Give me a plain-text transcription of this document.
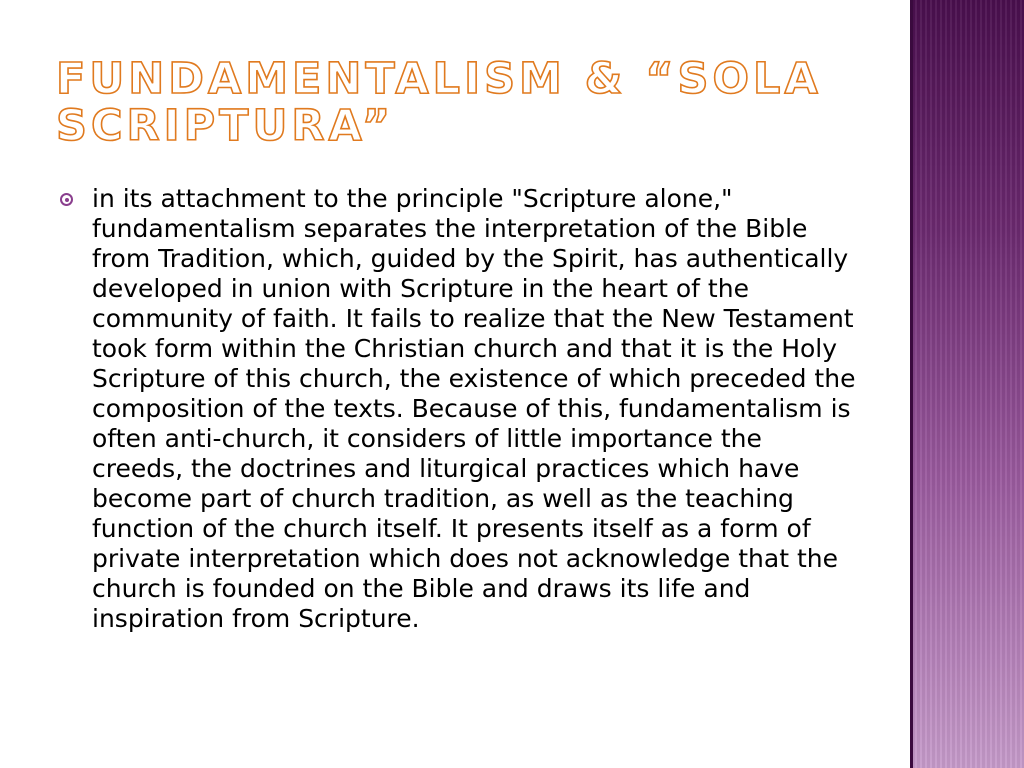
FUNDAMENTALISM & “SOLA SCRIPTURA”
in its attachment to the principle "Scripture alone," fundamentalism separates the interpretation of the Bible from Tradition, which, guided by the Spirit, has authentically developed in union with Scripture in the heart of the community of faith. It fails to realize that the New Testament took form within the Christian church and that it is the Holy Scripture of this church, the existence of which preceded the composition of the texts. Because of this, fundamentalism is often anti-church, it considers of little importance the creeds, the doctrines and liturgical practices which have become part of church tradition, as well as the teaching function of the church itself. It presents itself as a form of private interpretation which does not acknowledge that the church is founded on the Bible and draws its life and inspiration from Scripture.
